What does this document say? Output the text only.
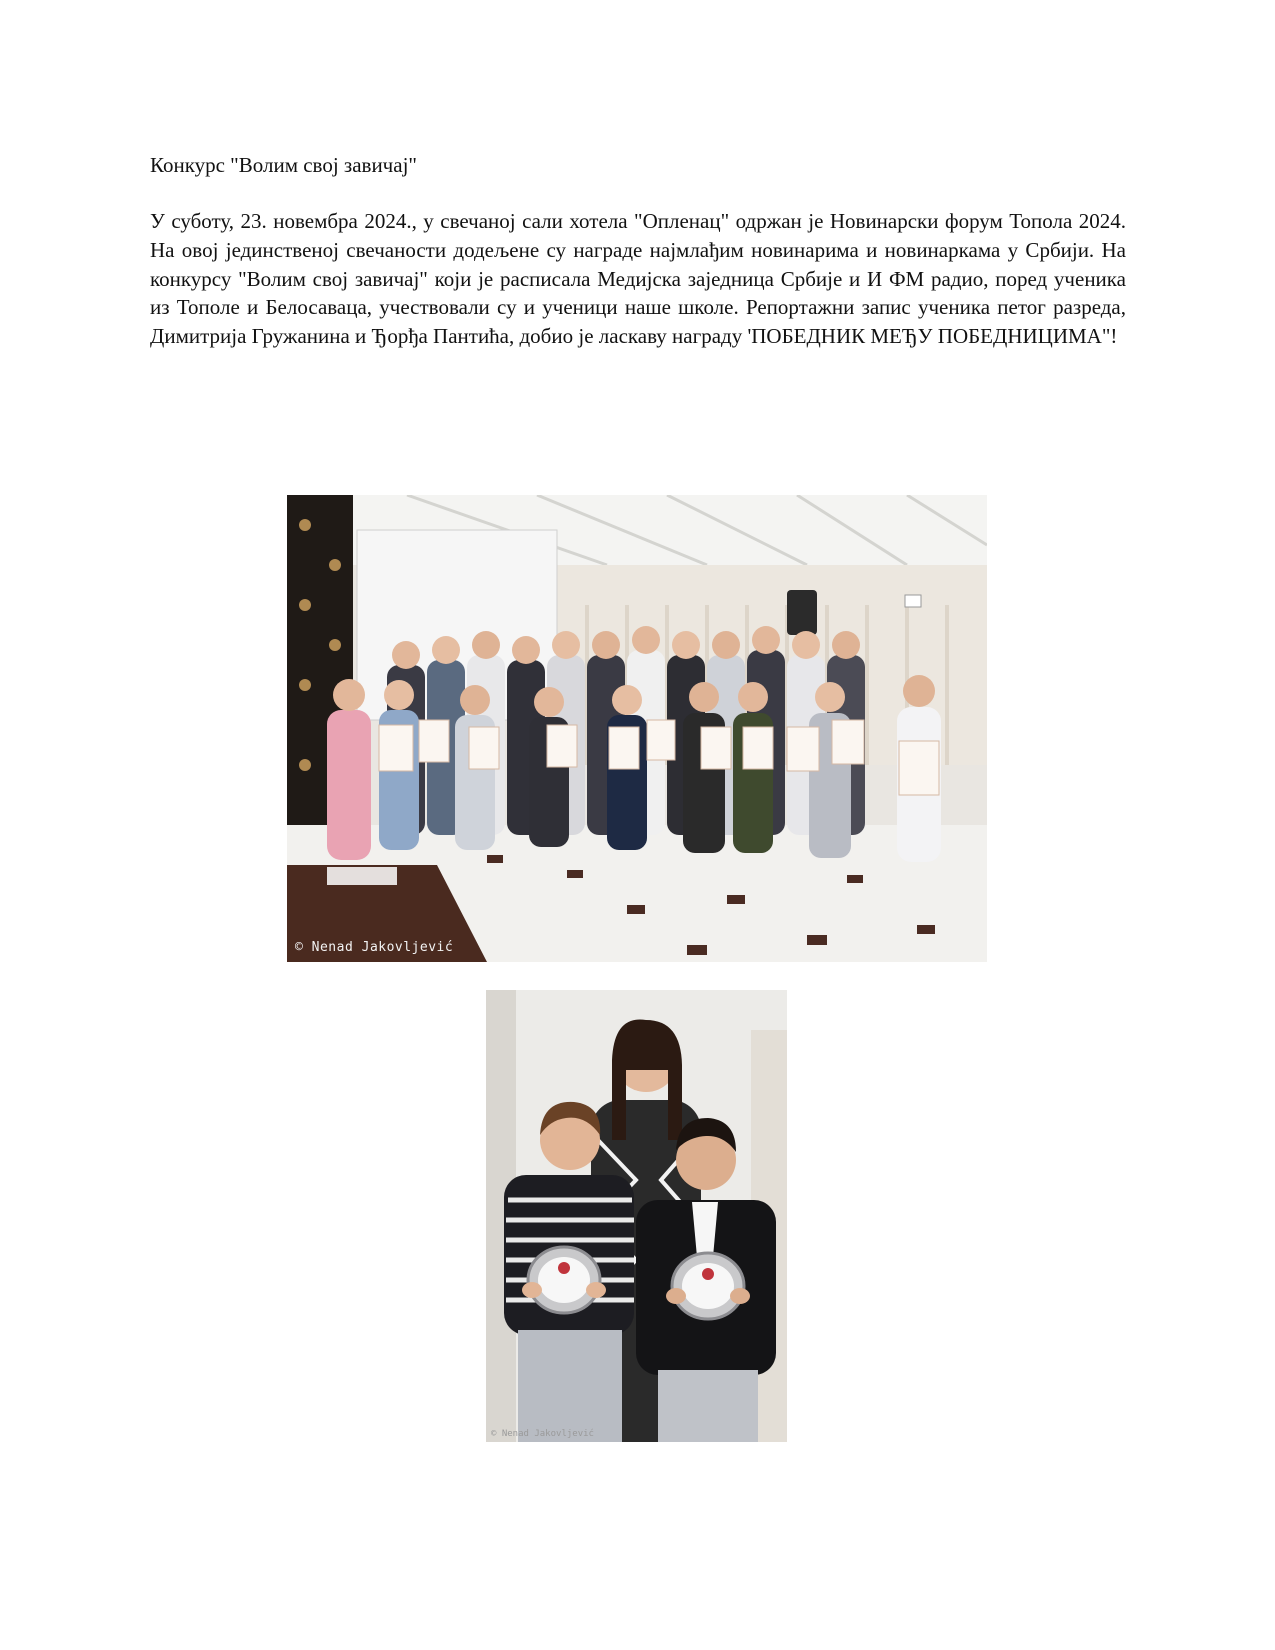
Конкурс "Волим свој завичај"

У суботу, 23. новембра 2024., у свечаној сали хотела "Опленац" одржан је Новинарски форум Топола 2024. На овој јединственој свечаности додељене су награде најмлађим новинарима и новинаркама у Србији. На конкурсу "Волим свој завичај" који је расписала Медијска заједница Србије и И ФМ радио, поред ученика из Тополе и Белосаваца, учествовали су и ученици наше школе. Репортажни запис ученика петог разреда, Димитрија Гружанина и Ђорђа Пантића, добио је ласкаву награду 'ПОБЕДНИК МЕЂУ ПОБЕДНИЦИМА"!

© Nenad Jakovljević
© Nenad Jakovljević
